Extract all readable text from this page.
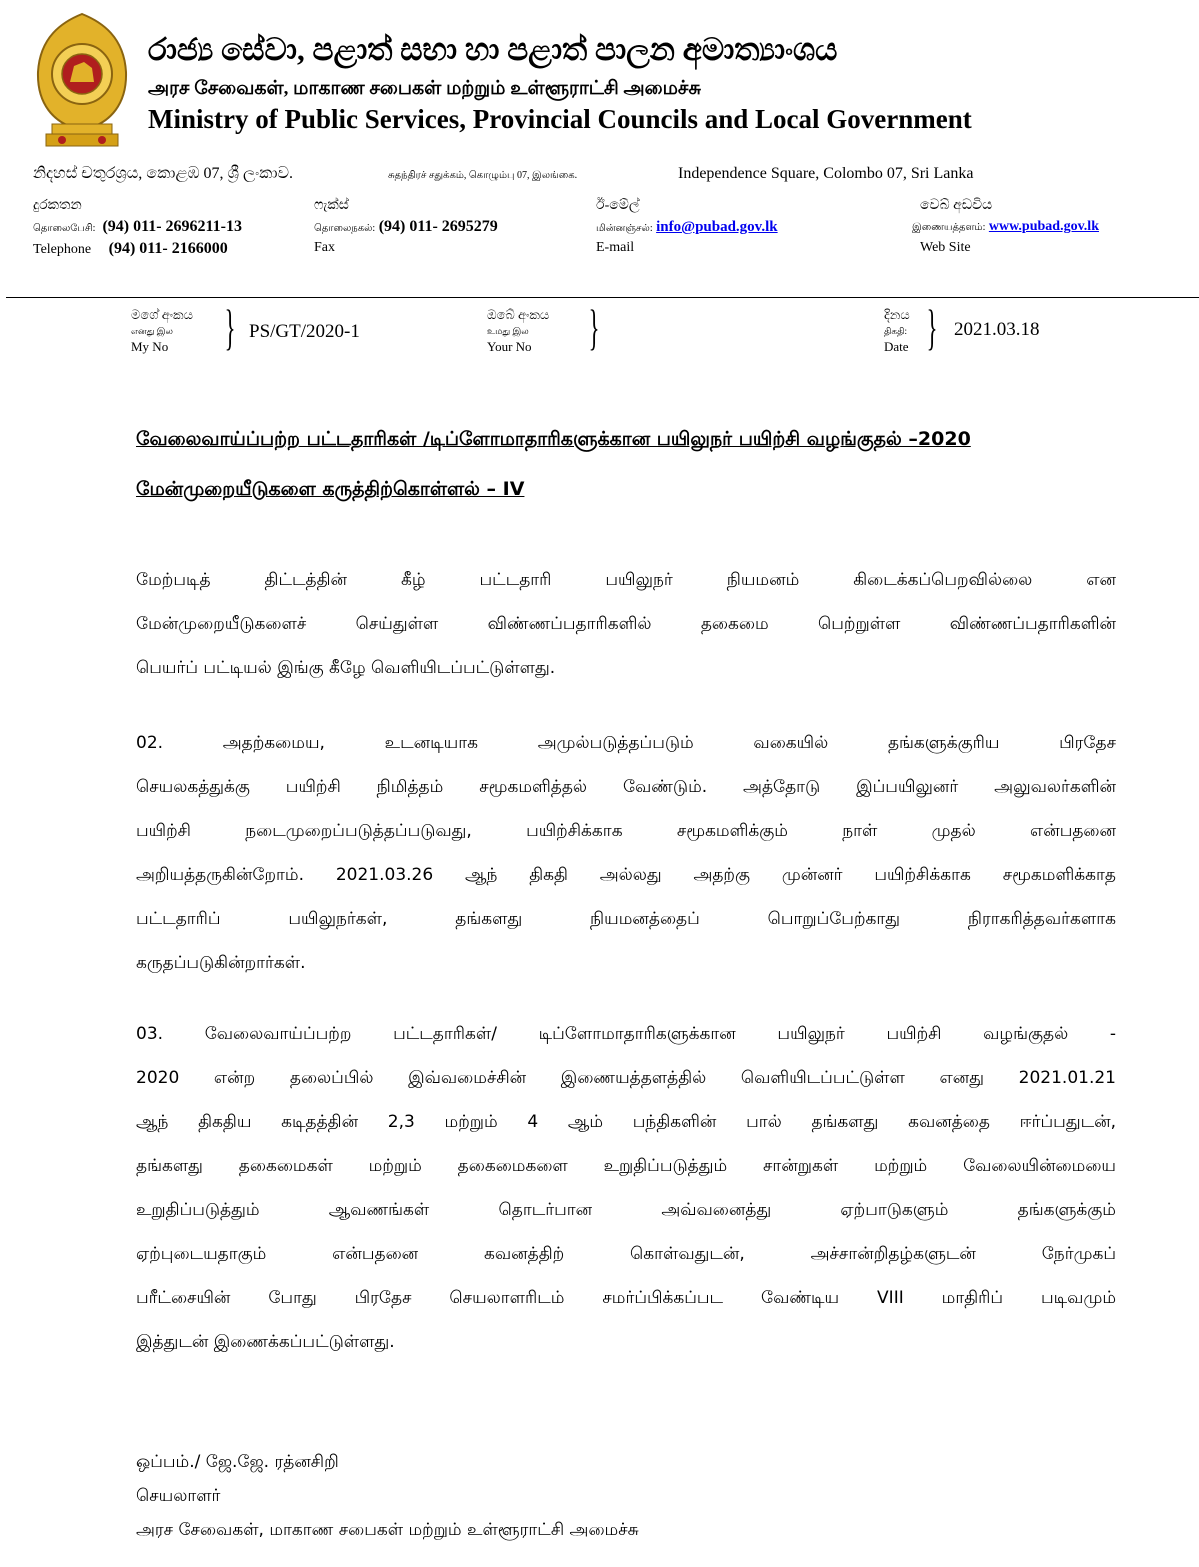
රාජ්‍ය සේවා, පළාත් සභා හා පළාත් පාලන අමාත්‍යාංශය
அரச சேவைகள், மாகாண சபைகள் மற்றும் உள்ளூராட்சி அமைச்சு
Ministry of Public Services, Provincial Councils and Local Government
නිදහස් චතුරශ්‍රය, කොළඹ 07, ශ්‍රී ලංකාව.	சுதந்திரச் சதுக்கம், கொழும்பு 07, இலங்கை.	Independence Square, Colombo 07, Sri Lanka
දුරකතන
தொலைபேசி: (94) 011- 2696211-13
Telephone (94) 011- 2166000
ෆැක්ස්
தொலைநகல்: (94) 011- 2695279
Fax
ඊ-මේල්
மின்னஞ்சல்: info@pubad.gov.lk
E-mail
වෙබ් අඩවිය
இணையத்தளம்: www.pubad.gov.lk
Web Site
මගේ අංකය
எனது இல
My No	} PS/GT/2020-1
ඔබේ අංකය
உமது இல
Your No	}	දිනය
திகதி:
Date } 2021.03.18
வேலைவாய்ப்பற்ற பட்டதாரிகள் /டிப்ளோமாதாரிகளுக்கான பயிலுநர் பயிற்சி வழங்குதல் –2020
மேன்முறையீடுகளை கருத்திற்கொள்ளல் – IV
மேற்படித் திட்டத்தின் கீழ் பட்டதாரி பயிலுநர் நியமனம் கிடைக்கப்பெறவில்லை என
மேன்முறையீடுகளைச் செய்துள்ள விண்ணப்பதாரிகளில் தகைமை பெற்றுள்ள விண்ணப்பதாரிகளின்
பெயர்ப் பட்டியல் இங்கு கீழே வெளியிடப்பட்டுள்ளது.
02. அதற்கமைய, உடனடியாக அமுல்படுத்தப்படும் வகையில் தங்களுக்குரிய பிரதேச
செயலகத்துக்கு பயிற்சி நிமித்தம் சமூகமளித்தல் வேண்டும். அத்தோடு இப்பயிலுனர் அலுவலர்களின்
பயிற்சி நடைமுறைப்படுத்தப்படுவது, பயிற்சிக்காக சமூகமளிக்கும் நாள் முதல் என்பதனை
அறியத்தருகின்றோம். 2021.03.26 ஆந் திகதி அல்லது அதற்கு முன்னர் பயிற்சிக்காக சமூகமளிக்காத
பட்டதாரிப் பயிலுநர்கள், தங்களது நியமனத்தைப் பொறுப்பேற்காது நிராகரித்தவர்களாக
கருதப்படுகின்றார்கள்.
03. வேலைவாய்ப்பற்ற பட்டதாரிகள்/ டிப்ளோமாதாரிகளுக்கான பயிலுநர் பயிற்சி வழங்குதல் -
2020 என்ற தலைப்பில் இவ்வமைச்சின் இணையத்தளத்தில் வெளியிடப்பட்டுள்ள எனது 2021.01.21
ஆந் திகதிய கடிதத்தின் 2,3 மற்றும் 4 ஆம் பந்திகளின் பால் தங்களது கவனத்தை ஈர்ப்பதுடன்,
தங்களது தகைமைகள் மற்றும் தகைமைகளை உறுதிப்படுத்தும் சான்றுகள் மற்றும் வேலையின்மையை
உறுதிப்படுத்தும் ஆவணங்கள் தொடர்பான அவ்வனைத்து ஏற்பாடுகளும் தங்களுக்கும்
ஏற்புடையதாகும் என்பதனை கவனத்திற் கொள்வதுடன், அச்சான்றிதழ்களுடன் நேர்முகப்
பரீட்சையின் போது பிரதேச செயலாளரிடம் சமர்ப்பிக்கப்பட வேண்டிய VIII மாதிரிப் படிவமும்
இத்துடன் இணைக்கப்பட்டுள்ளது.
ஒப்பம்./ ஜே.ஜே. ரத்னசிறி
செயலாளர்
அரச சேவைகள், மாகாண சபைகள் மற்றும் உள்ளூராட்சி அமைச்சு
